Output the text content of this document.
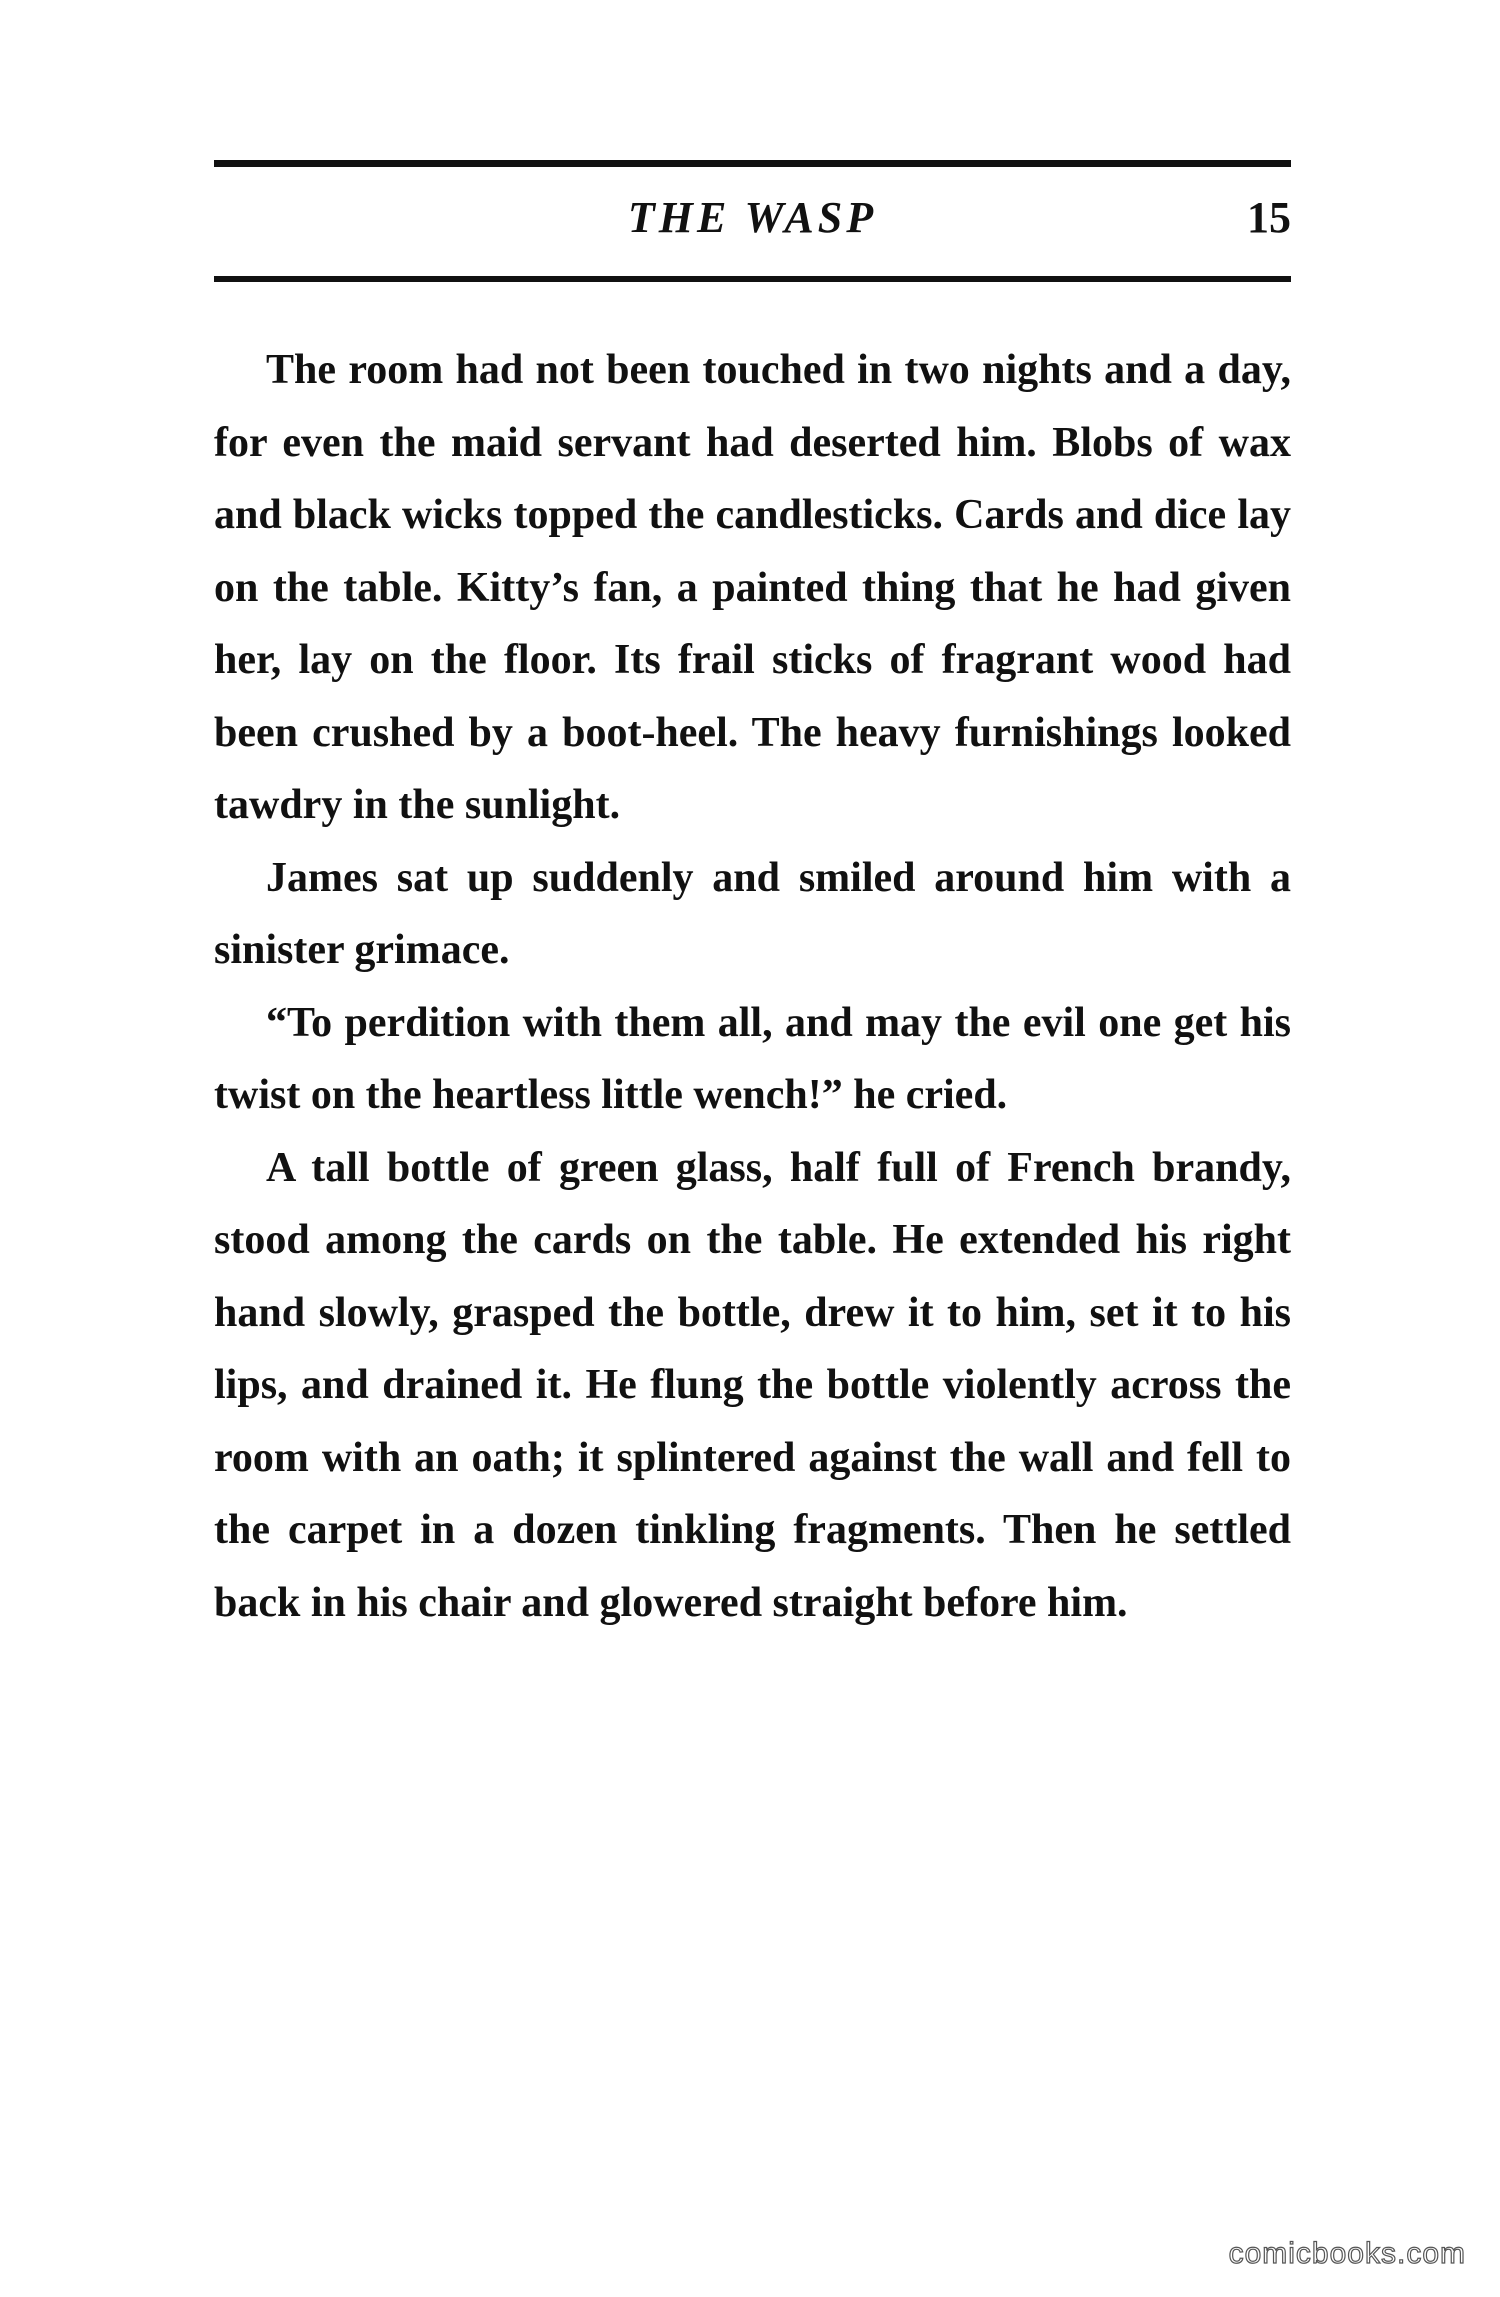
THE WASP	15

The room had not been touched in two nights and a day, for even the maid servant had deserted him. Blobs of wax and black wicks topped the candlesticks. Cards and dice lay on the table. Kitty’s fan, a painted thing that he had given her, lay on the floor. Its frail sticks of fragrant wood had been crushed by a boot-heel. The heavy furnishings looked tawdry in the sunlight.

James sat up suddenly and smiled around him with a sinister grimace.

“To perdition with them all, and may the evil one get his twist on the heartless little wench!” he cried.

A tall bottle of green glass, half full of French brandy, stood among the cards on the table. He extended his right hand slowly, grasped the bottle, drew it to him, set it to his lips, and drained it. He flung the bottle violently across the room with an oath; it splintered against the wall and fell to the carpet in a dozen tinkling fragments. Then he settled back in his chair and glowered straight before him.

comicbooks.com
